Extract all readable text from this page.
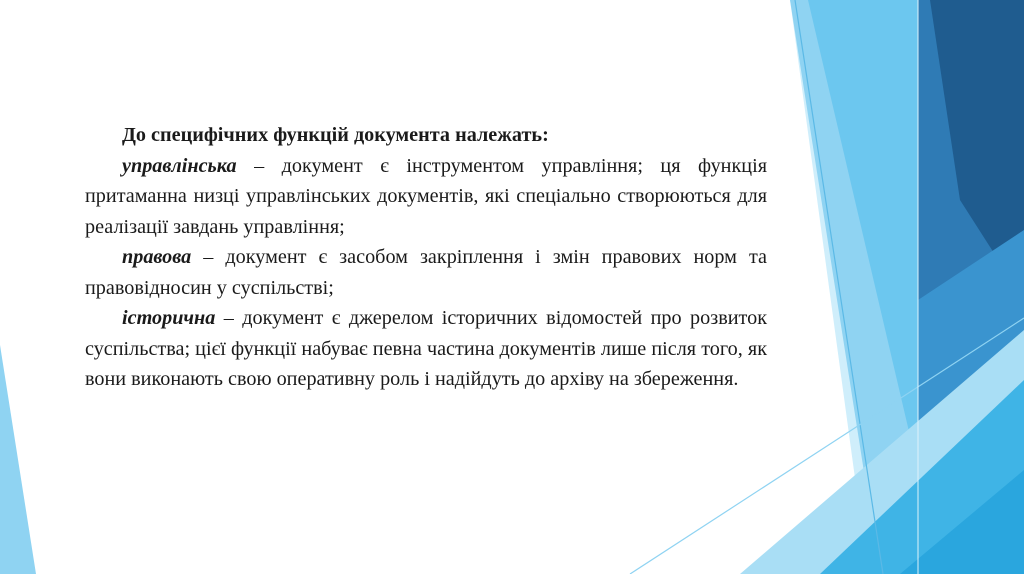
До специфічних функцій документа належать:

управлінська – документ є інструментом управління; ця функція притаманна низці управлінських документів, які спеціально створюються для реалізації завдань управління;

правова – документ є засобом закріплення і змін правових норм та правовідносин у суспільстві;

історична – документ є джерелом історичних відомостей про розвиток суспільства; цієї функції набуває певна частина документів лише після того, як вони виконають свою оперативну роль і надійдуть до архіву на збереження.
